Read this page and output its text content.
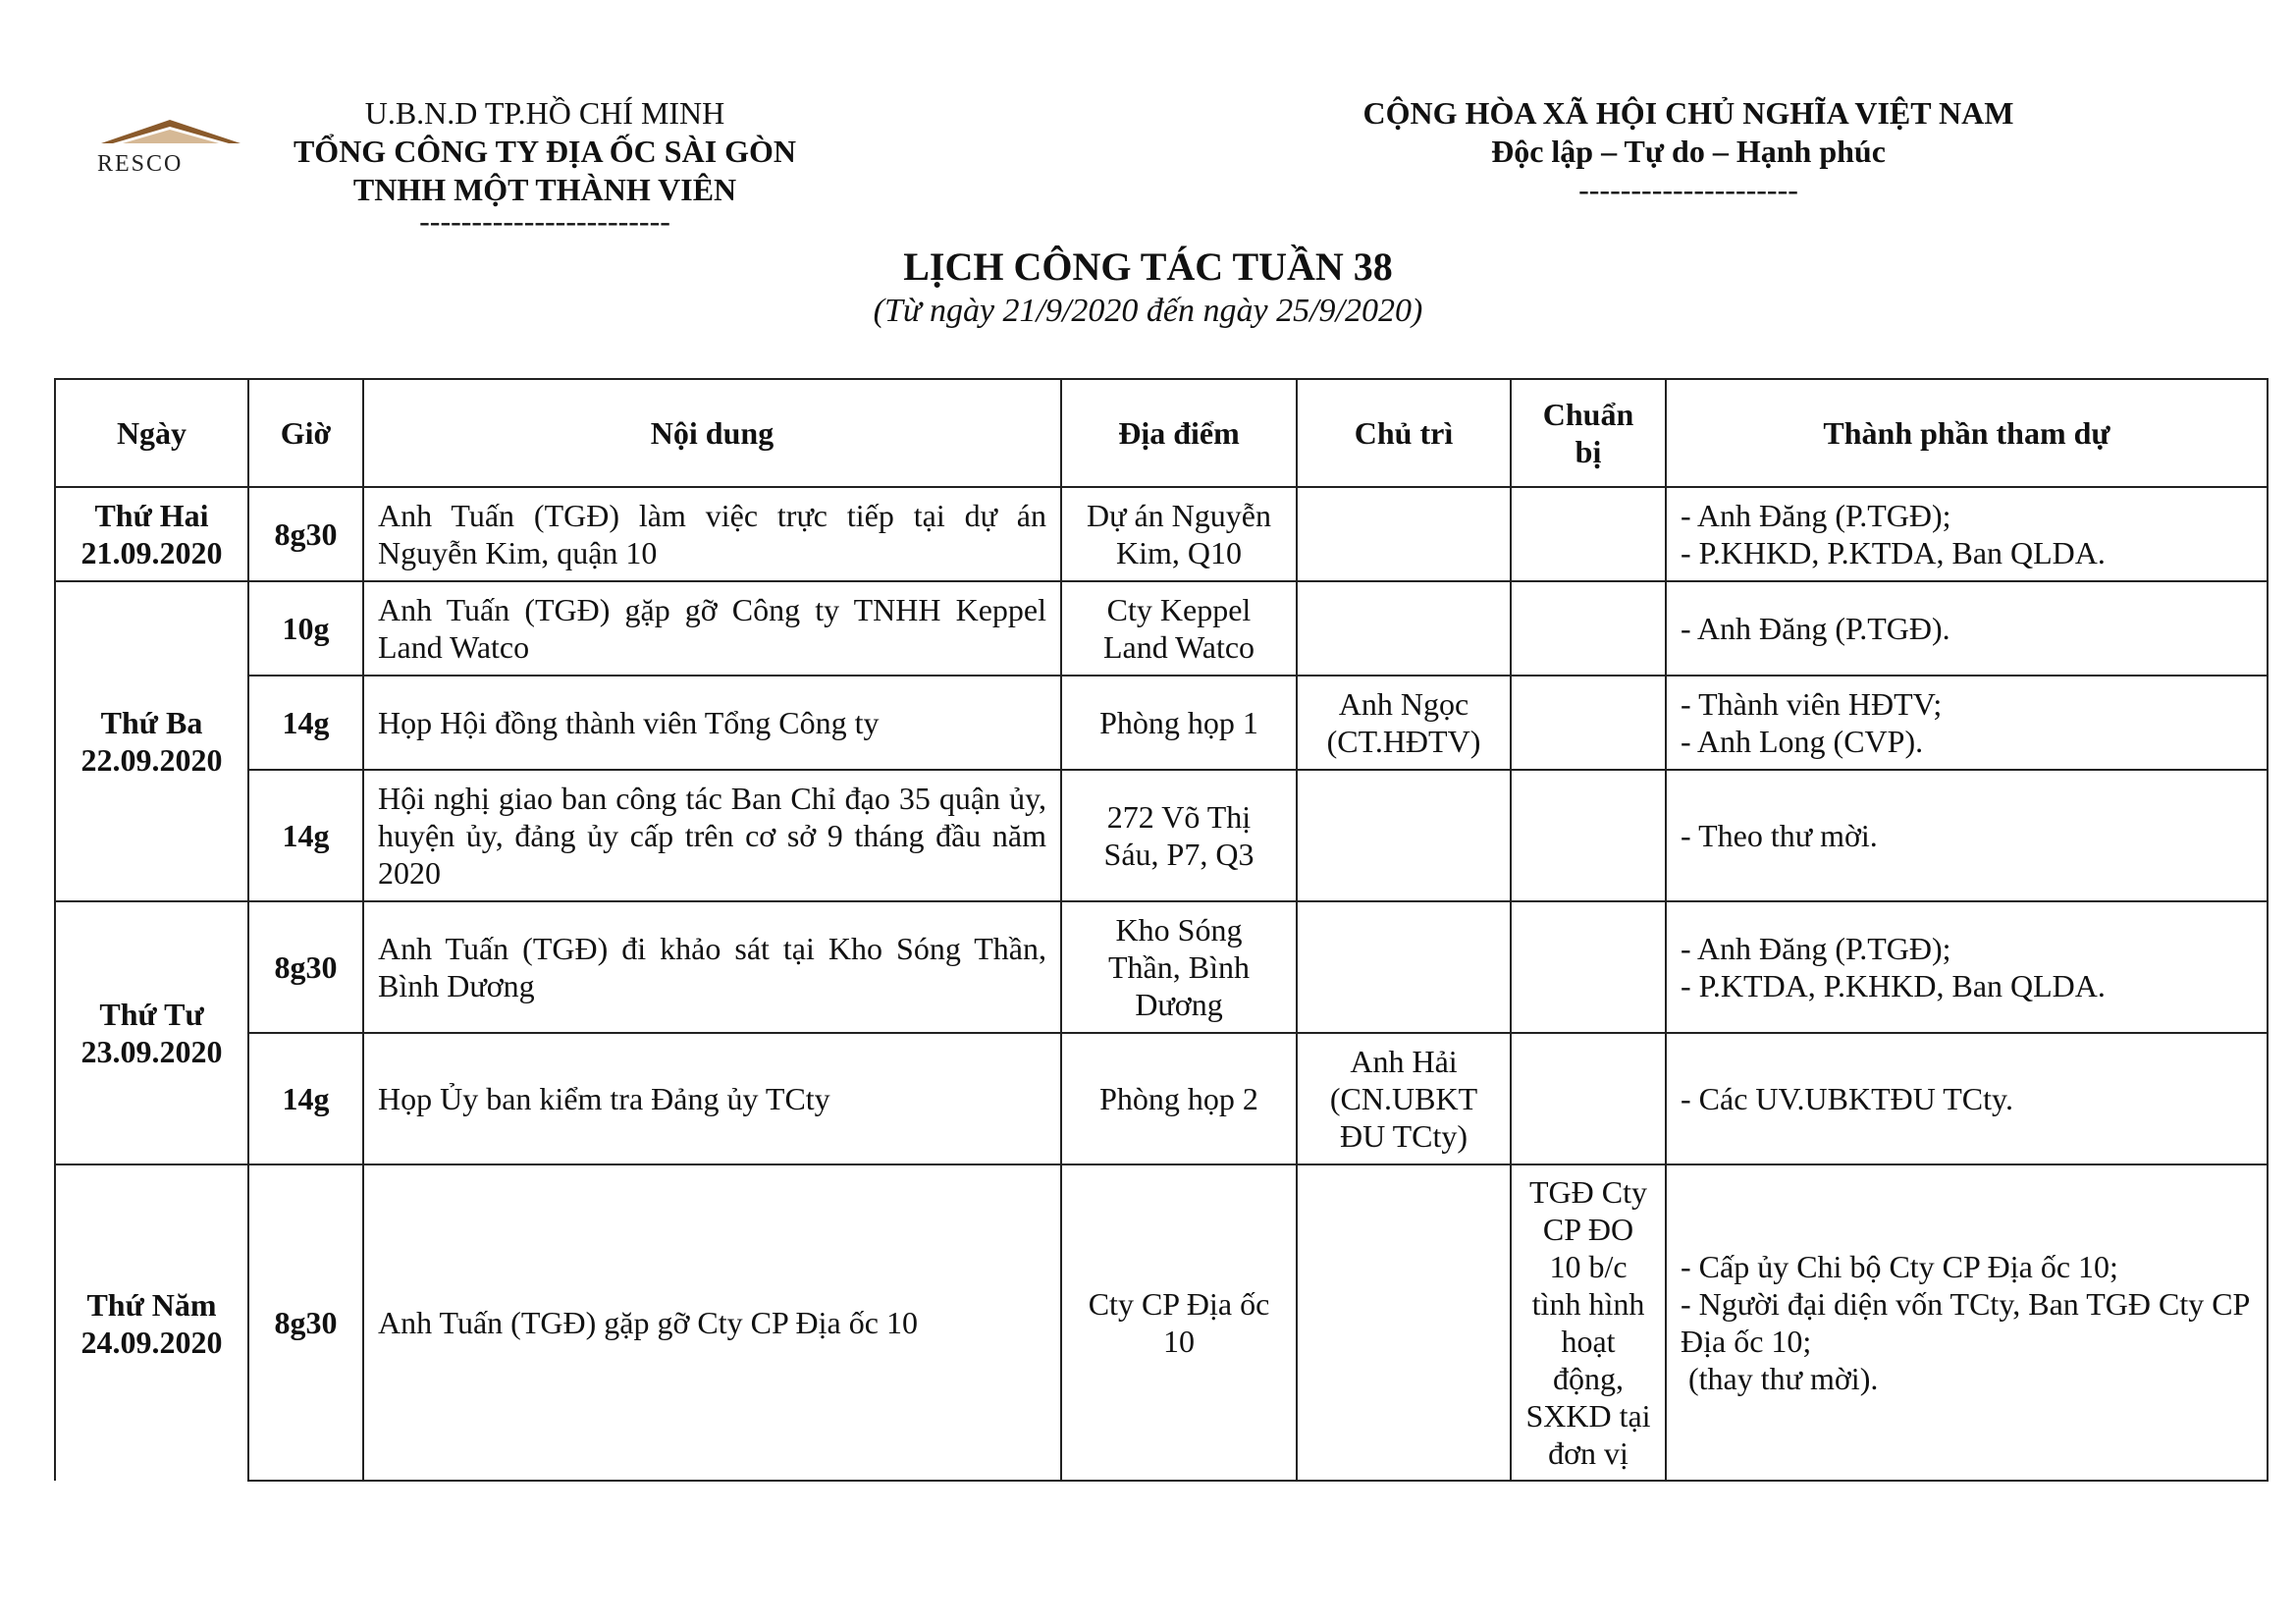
RESCO
U.B.N.D TP.HỒ CHÍ MINH
TỔNG CÔNG TY ĐỊA ỐC SÀI GÒN
TNHH MỘT THÀNH VIÊN
------------------------
CỘNG HÒA XÃ HỘI CHỦ NGHĨA VIỆT NAM
Độc lập – Tự do – Hạnh phúc
---------------------
LỊCH CÔNG TÁC TUẦN 38
(Từ ngày 21/9/2020 đến ngày 25/9/2020)
Ngày	Giờ	Nội dung	Địa điểm	Chủ trì	Chuẩn bị	Thành phần tham dự

Thứ Hai
21.09.2020	8g30	Anh Tuấn (TGĐ) làm việc trực tiếp tại dự án Nguyễn Kim, quận 10	Dự án Nguyễn Kim, Q10			- Anh Đăng (P.TGĐ);
- P.KHKD, P.KTDA, Ban QLDA.

Thứ Ba
22.09.2020	10g	Anh Tuấn (TGĐ) gặp gỡ Công ty TNHH Keppel Land Watco	Cty Keppel Land Watco			- Anh Đăng (P.TGĐ).

	14g	Họp Hội đồng thành viên Tổng Công ty	Phòng họp 1	Anh Ngọc (CT.HĐTV)		- Thành viên HĐTV;
- Anh Long (CVP).

	14g	Hội nghị giao ban công tác Ban Chỉ đạo 35 quận ủy, huyện ủy, đảng ủy cấp trên cơ sở 9 tháng đầu năm 2020	272 Võ Thị Sáu, P7, Q3			- Theo thư mời.

Thứ Tư
23.09.2020	8g30	Anh Tuấn (TGĐ) đi khảo sát tại Kho Sóng Thần, Bình Dương	Kho Sóng Thần, Bình Dương			- Anh Đăng (P.TGĐ);
- P.KTDA, P.KHKD, Ban QLDA.

	14g	Họp Ủy ban kiểm tra Đảng ủy TCty	Phòng họp 2	Anh Hải (CN.UBKT ĐU TCty)		- Các UV.UBKTĐU TCty.

Thứ Năm
24.09.2020	8g30	Anh Tuấn (TGĐ) gặp gỡ Cty CP Địa ốc 10	Cty CP Địa ốc 10		TGĐ Cty CP ĐO 10 b/c tình hình hoạt động, SXKD tại đơn vị	- Cấp ủy Chi bộ Cty CP Địa ốc 10;
- Người đại diện vốn TCty, Ban TGĐ Cty CP Địa ốc 10;
(thay thư mời).
